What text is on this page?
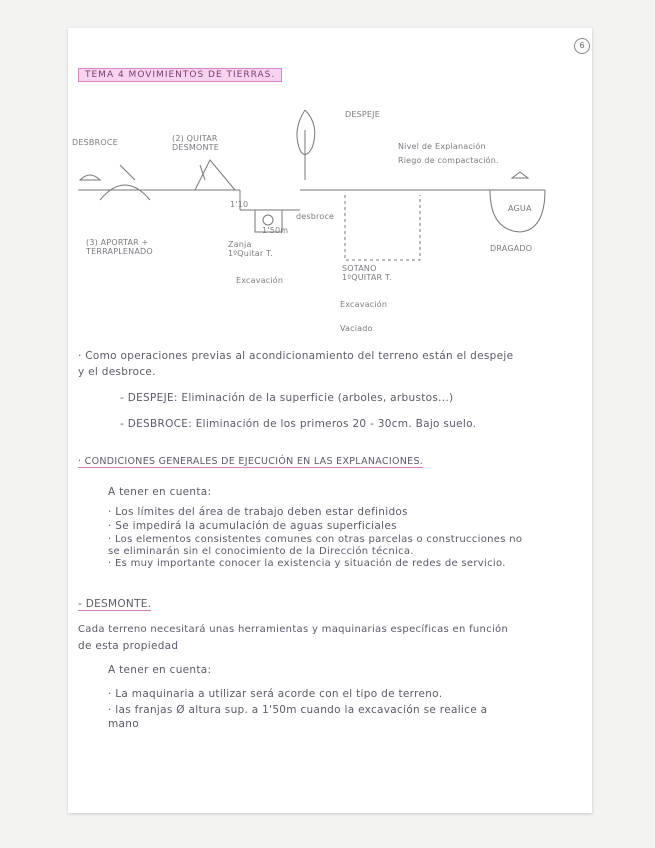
6
TEMA 4 MOVIMIENTOS DE TIERRAS.
DESPEJE
DESBROCE	(2) QUITAR DESMONTE	Nivel de Explanación
Riego de compactación.
desbroce
1'10
1'50m
AGUA
Zanja 1ºQuitar T.
Excavación
SOTANO 1ºQUITAR T.
Excavación
Vaciado
(3) APORTAR + TERRAPLENADO	DRAGADO
· Como operaciones previas al acondicionamiento del terreno están el despeje
y el desbroce.
- DESPEJE: Eliminación de la superficie (arboles, arbustos...)
- DESBROCE: Eliminación de los primeros 20 - 30cm. Bajo suelo.
· CONDICIONES GENERALES DE EJECUCIÓN EN LAS EXPLANACIONES.
A tener en cuenta:
· Los límites del área de trabajo deben estar definidos
· Se impedirá la acumulación de aguas superficiales
· Los elementos consistentes comunes con otras parcelas o construcciones no
se eliminarán sin el conocimiento de la Dirección técnica.
· Es muy importante conocer la existencia y situación de redes de servicio.
- DESMONTE.
Cada terreno necesitará unas herramientas y maquinarias específicas en función
de esta propiedad
A tener en cuenta:
· La maquinaria a utilizar será acorde con el tipo de terreno.
· las franjas Ø altura sup. a 1'50m cuando la excavación se realice a
mano
